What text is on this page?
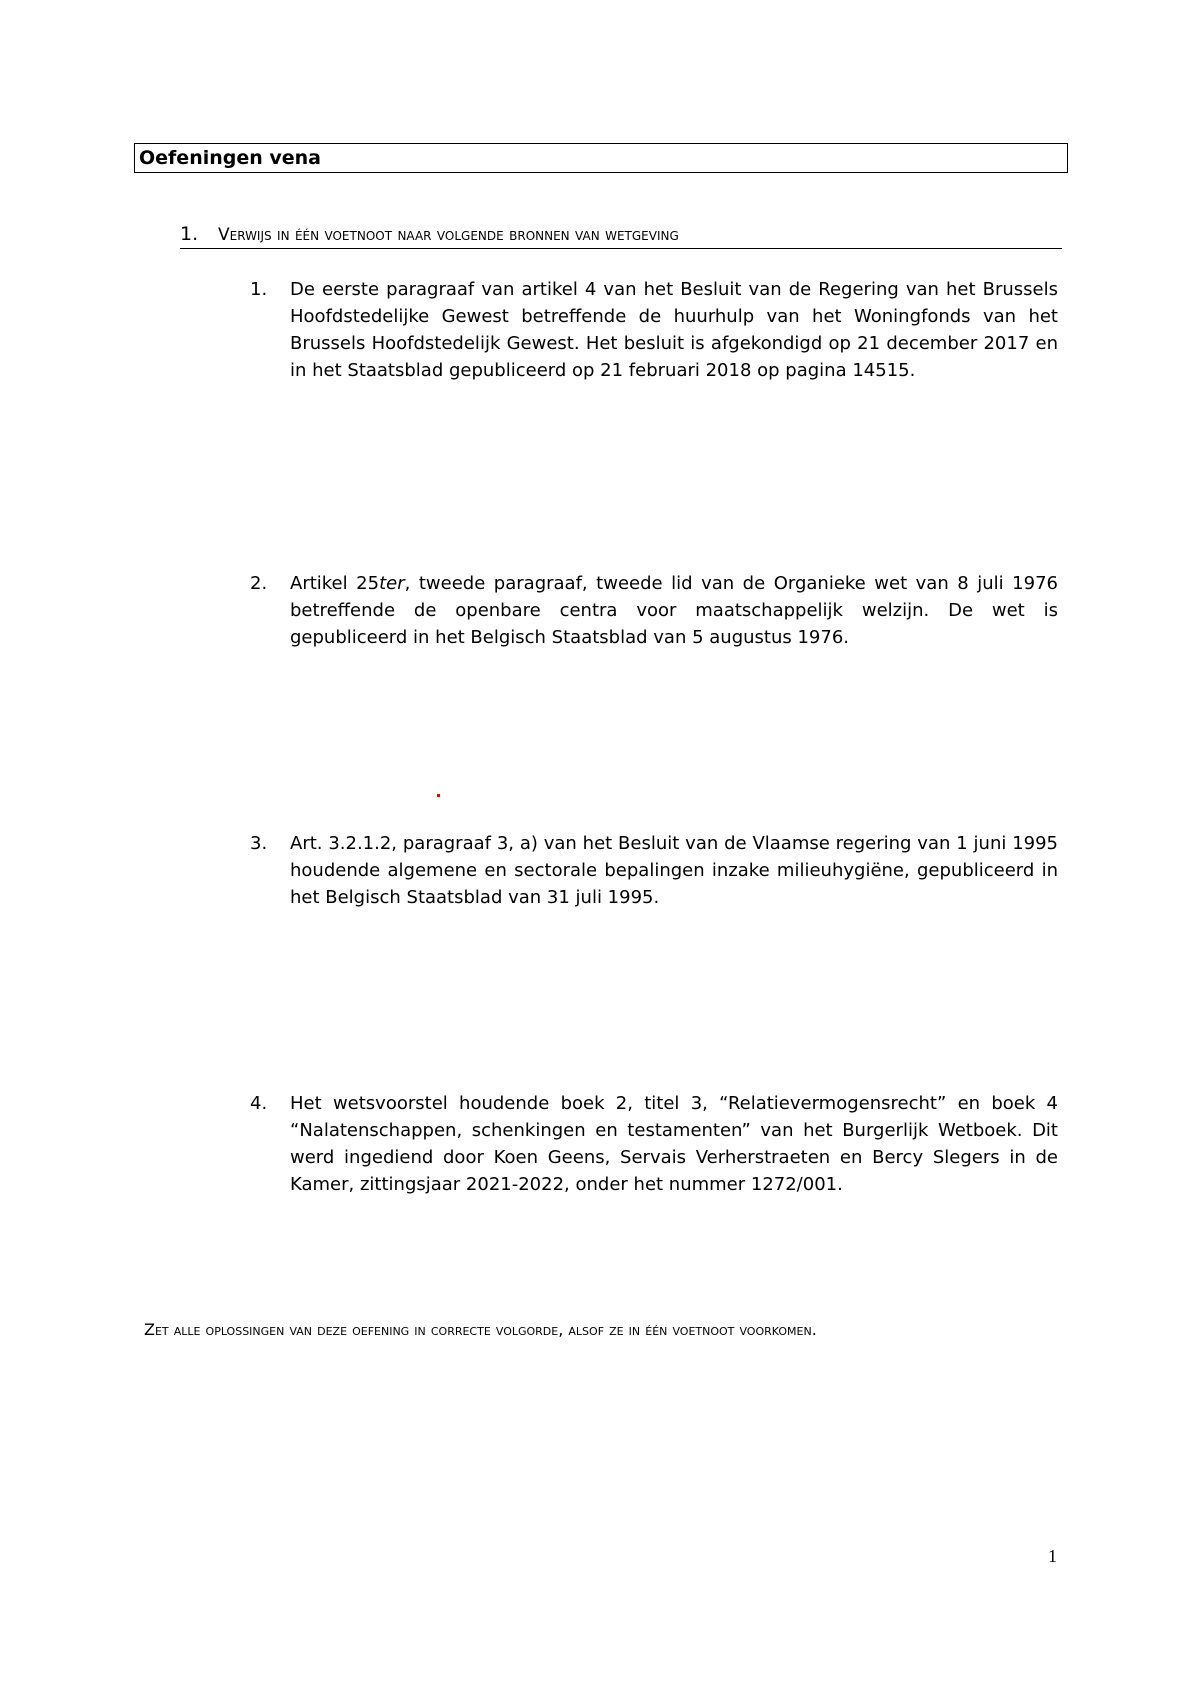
Oefeningen vena
1. Verwijs in één voetnoot naar volgende bronnen van wetgeving
1. De eerste paragraaf van artikel 4 van het Besluit van de Regering van het Brussels Hoofdstedelijke Gewest betreffende de huurhulp van het Woningfonds van het Brussels Hoofdstedelijk Gewest. Het besluit is afgekondigd op 21 december 2017 en in het Staatsblad gepubliceerd op 21 februari 2018 op pagina 14515.
2. Artikel 25ter, tweede paragraaf, tweede lid van de Organieke wet van 8 juli 1976 betreffende de openbare centra voor maatschappelijk welzijn. De wet is gepubliceerd in het Belgisch Staatsblad van 5 augustus 1976.
3. Art. 3.2.1.2, paragraaf 3, a) van het Besluit van de Vlaamse regering van 1 juni 1995 houdende algemene en sectorale bepalingen inzake milieuhygiëne, gepubliceerd in het Belgisch Staatsblad van 31 juli 1995.
4. Het wetsvoorstel houdende boek 2, titel 3, “Relatievermogensrecht” en boek 4 “Nalatenschappen, schenkingen en testamenten” van het Burgerlijk Wetboek. Dit werd ingediend door Koen Geens, Servais Verherstraeten en Bercy Slegers in de Kamer, zittingsjaar 2021-2022, onder het nummer 1272/001.
Zet alle oplossingen van deze oefening in correcte volgorde, alsof ze in één voetnoot voorkomen.
1
